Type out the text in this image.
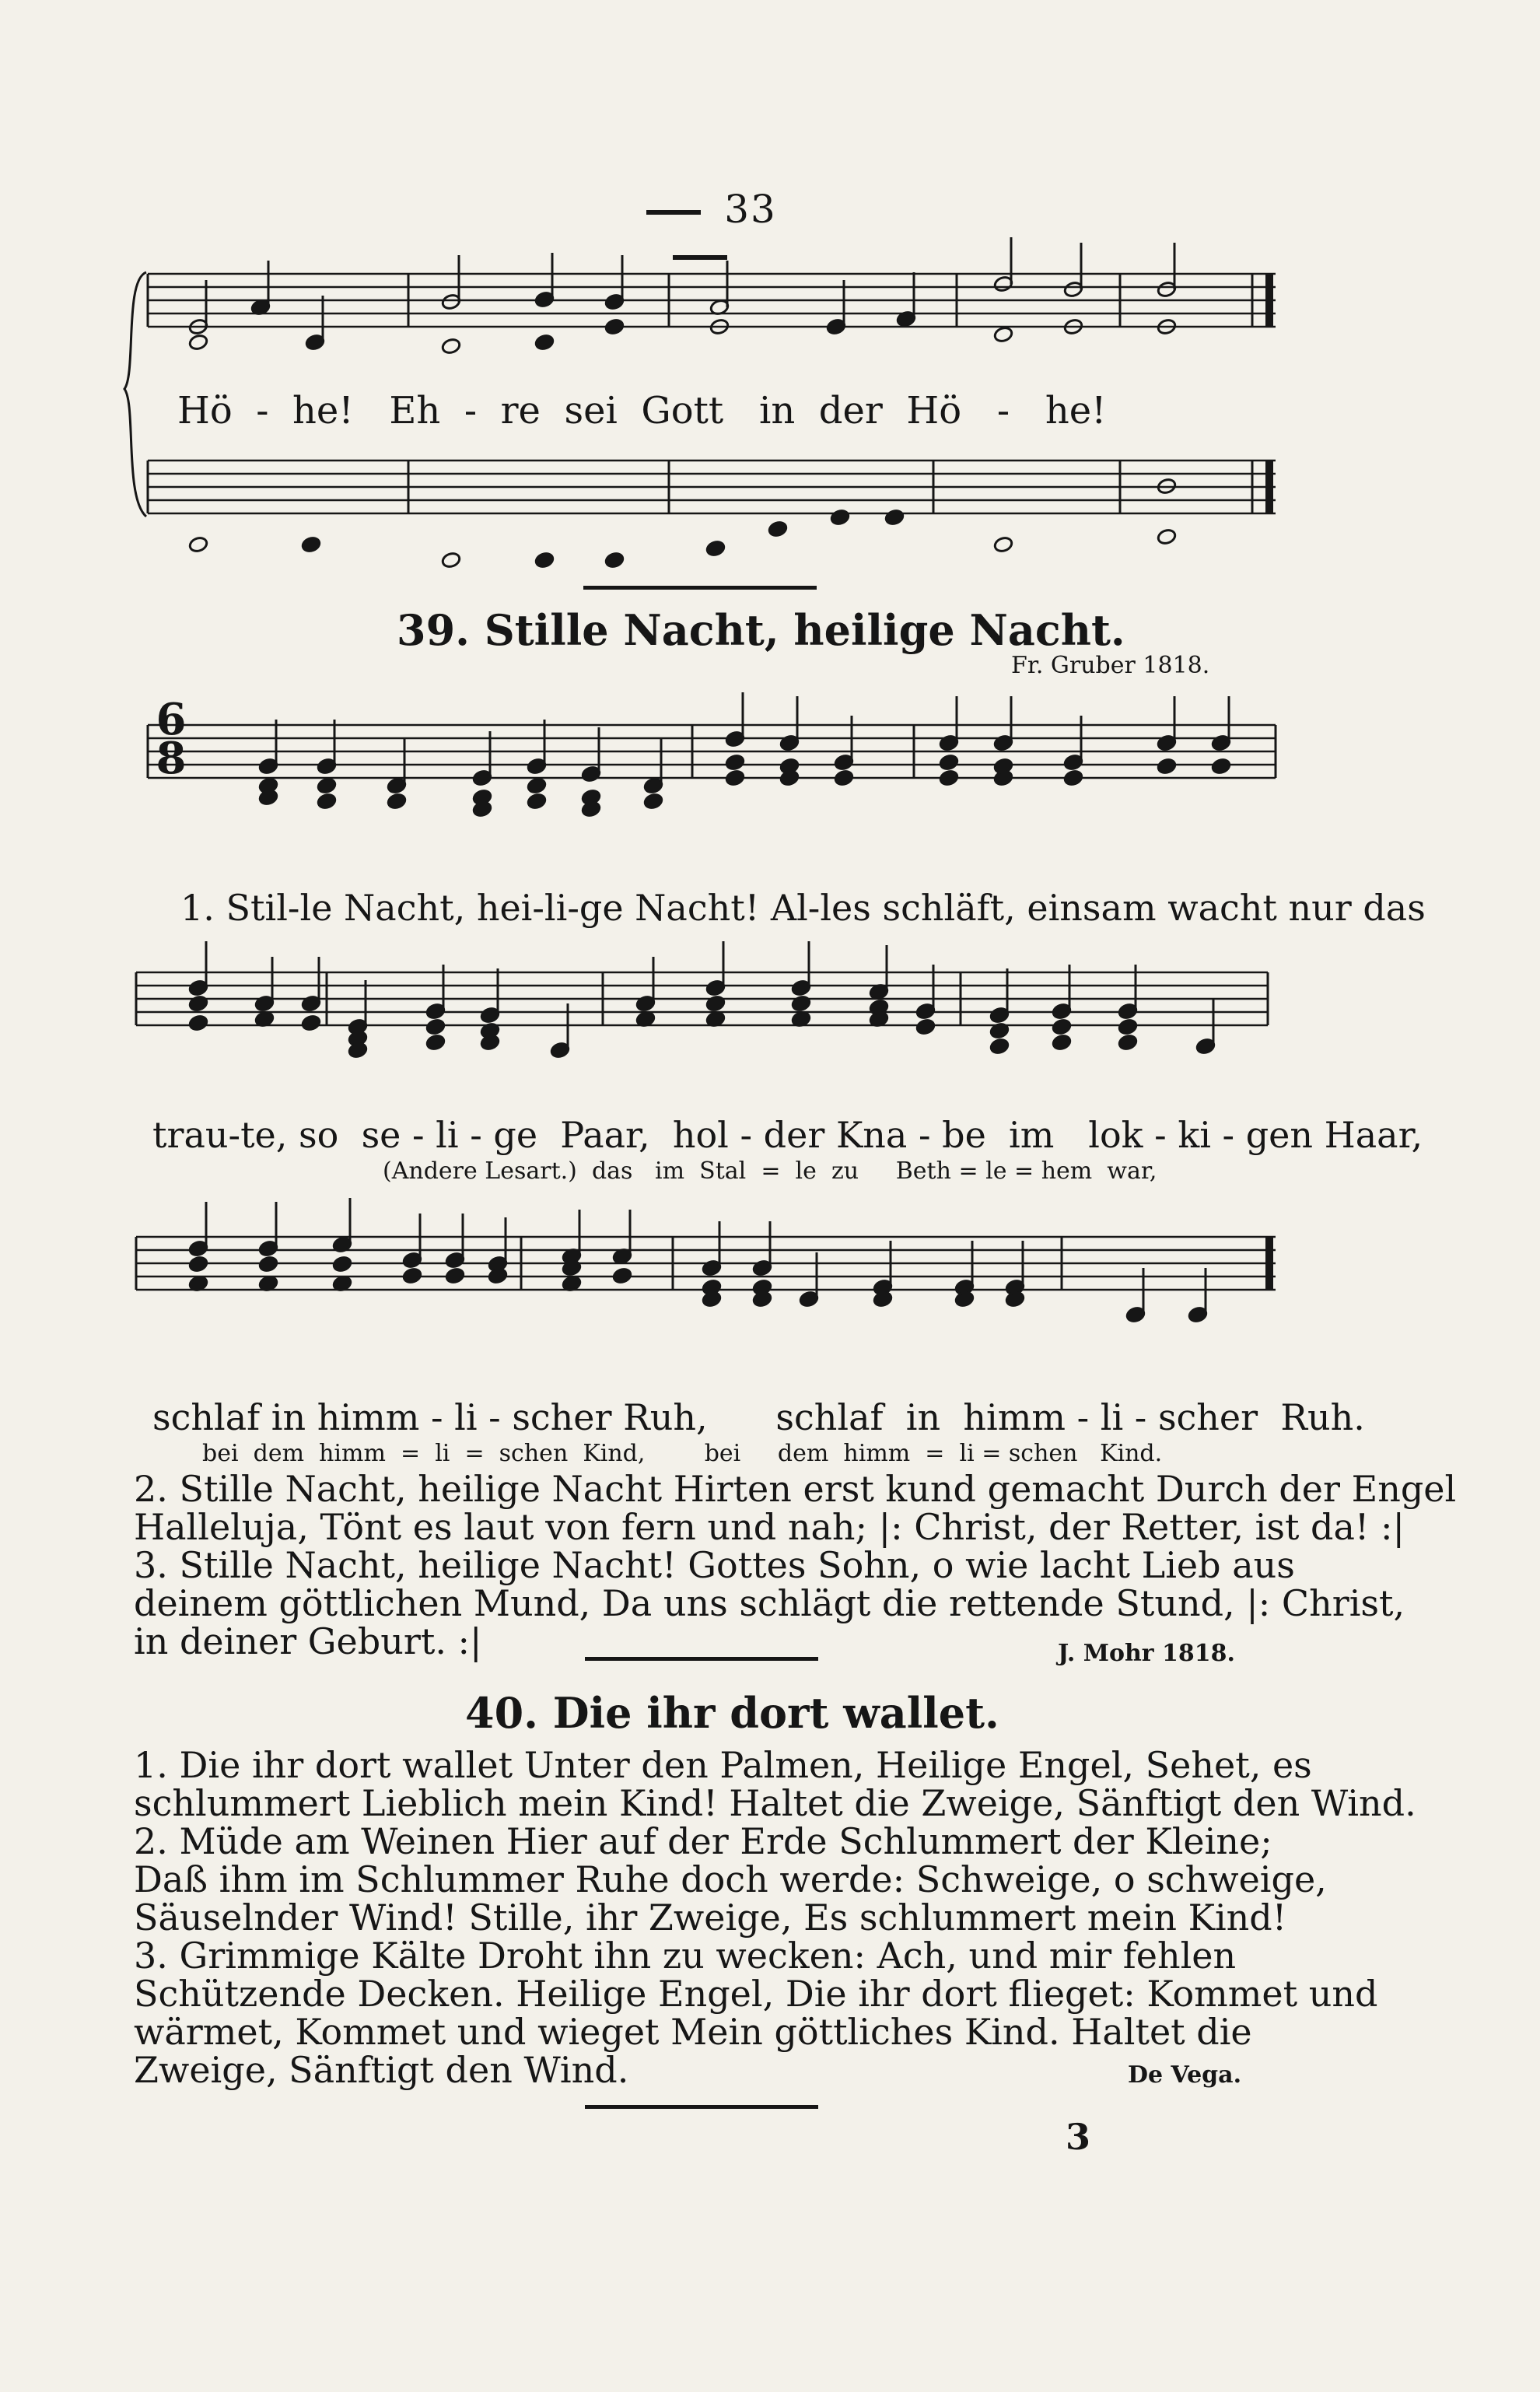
33
Hö  -  he!   Eh  -  re  sei  Gott   in  der  Hö   -   he!
39. Stille Nacht, heilige Nacht.
Fr. Gruber 1818.
6
8
1. Stil-le Nacht, hei-li-ge Nacht! Al-les schläft, einsam wacht nur das
trau-te, so  se - li - ge  Paar,  hol - der Kna - be  im   lok - ki - gen Haar,
(Andere Lesart.)  das   im  Stal  =  le  zu     Beth = le = hem  war,
schlaf in himm - li - scher Ruh,      schlaf  in  himm - li - scher  Ruh.
bei  dem  himm  =  li  =  schen  Kind,        bei     dem  himm  =  li = schen   Kind.
2. Stille Nacht, heilige Nacht Hirten erst kund gemacht Durch der Engel
Halleluja, Tönt es laut von fern und nah; |: Christ, der Retter, ist da! :|
3. Stille Nacht, heilige Nacht! Gottes Sohn, o wie lacht Lieb aus
deinem göttlichen Mund, Da uns schlägt die rettende Stund, |: Christ,
in deiner Geburt. :|	J. Mohr 1818.
40. Die ihr dort wallet.
1. Die ihr dort wallet Unter den Palmen, Heilige Engel, Sehet, es
schlummert Lieblich mein Kind! Haltet die Zweige, Sänftigt den Wind.
2. Müde am Weinen Hier auf der Erde Schlummert der Kleine;
Daß ihm im Schlummer Ruhe doch werde: Schweige, o schweige,
Säuselnder Wind! Stille, ihr Zweige, Es schlummert mein Kind!
3. Grimmige Kälte Droht ihn zu wecken: Ach, und mir fehlen
Schützende Decken. Heilige Engel, Die ihr dort flieget: Kommet und
wärmet, Kommet und wieget Mein göttliches Kind. Haltet die
Zweige, Sänftigt den Wind.	De Vega.
3
